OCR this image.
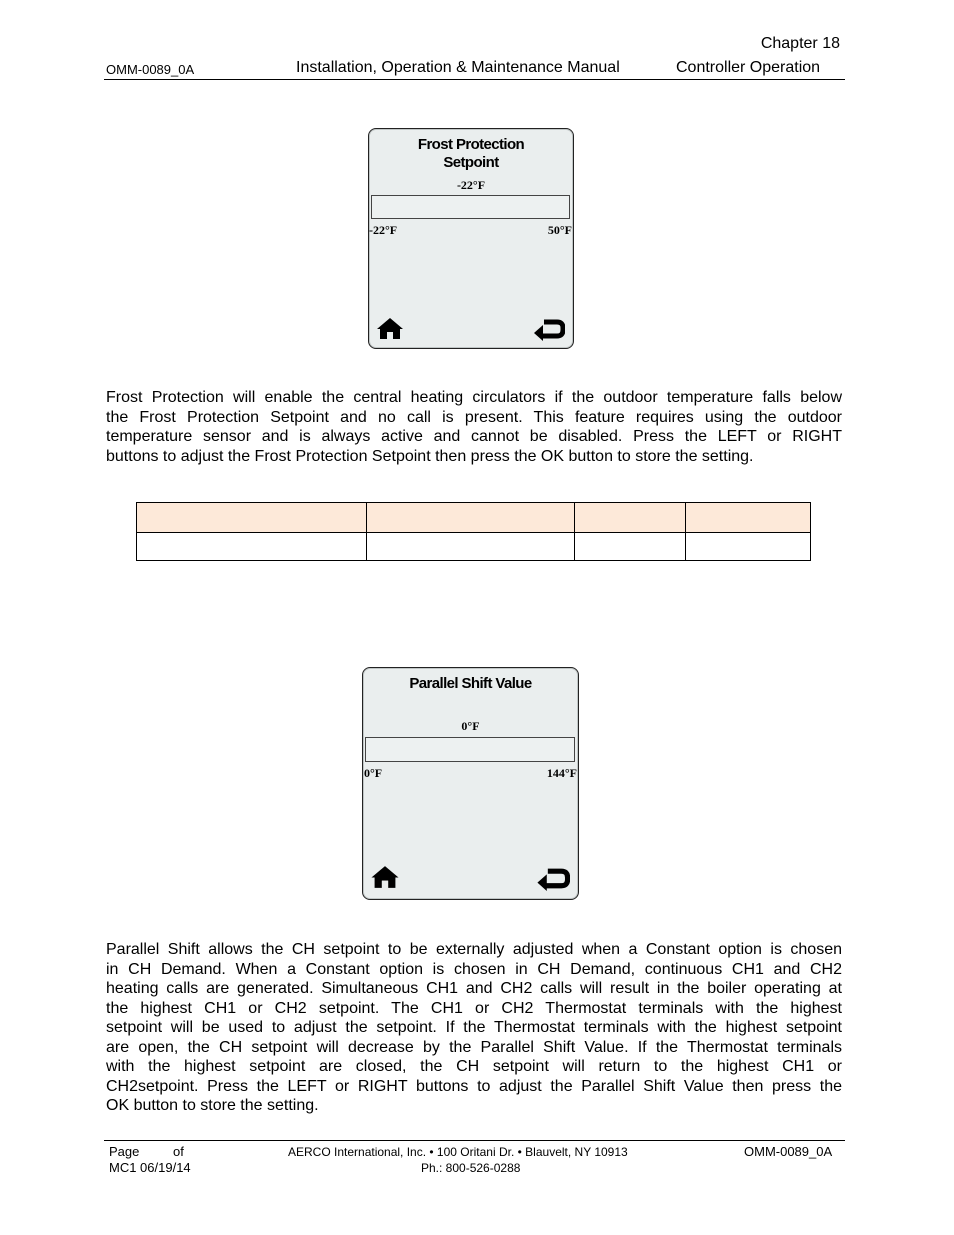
Chapter 18
OMM-0089_0A	Installation, Operation & Maintenance Manual	Controller Operation
Frost Protection
Setpoint
-22°F
-22°F	50°F
Frost Protection will enable the central heating circulators if the outdoor temperature falls below
the Frost Protection Setpoint and no call is present. This feature requires using the outdoor
temperature sensor and is always active and cannot be disabled. Press the LEFT or RIGHT
buttons to adjust the Frost Protection Setpoint then press the OK button to store the setting.

Parallel Shift Value
0°F
0°F	144°F
Parallel Shift allows the CH setpoint to be externally adjusted when a Constant option is chosen
in CH Demand. When a Constant option is chosen in CH Demand, continuous CH1 and CH2
heating calls are generated. Simultaneous CH1 and CH2 calls will result in the boiler operating at
the highest CH1 or CH2 setpoint. The CH1 or CH2 Thermostat terminals with the highest
setpoint will be used to adjust the setpoint. If the Thermostat terminals with the highest setpoint
are open, the CH setpoint will decrease by the Parallel Shift Value. If the Thermostat terminals
with the highest setpoint are closed, the CH setpoint will return to the highest CH1 or
CH2setpoint. Press the LEFT or RIGHT buttons to adjust the Parallel Shift Value then press the
OK button to store the setting.
Page	of
MC1 06/19/14
AERCO International, Inc. • 100 Oritani Dr. • Blauvelt, NY 10913
Ph.: 800-526-0288
OMM-0089_0A
